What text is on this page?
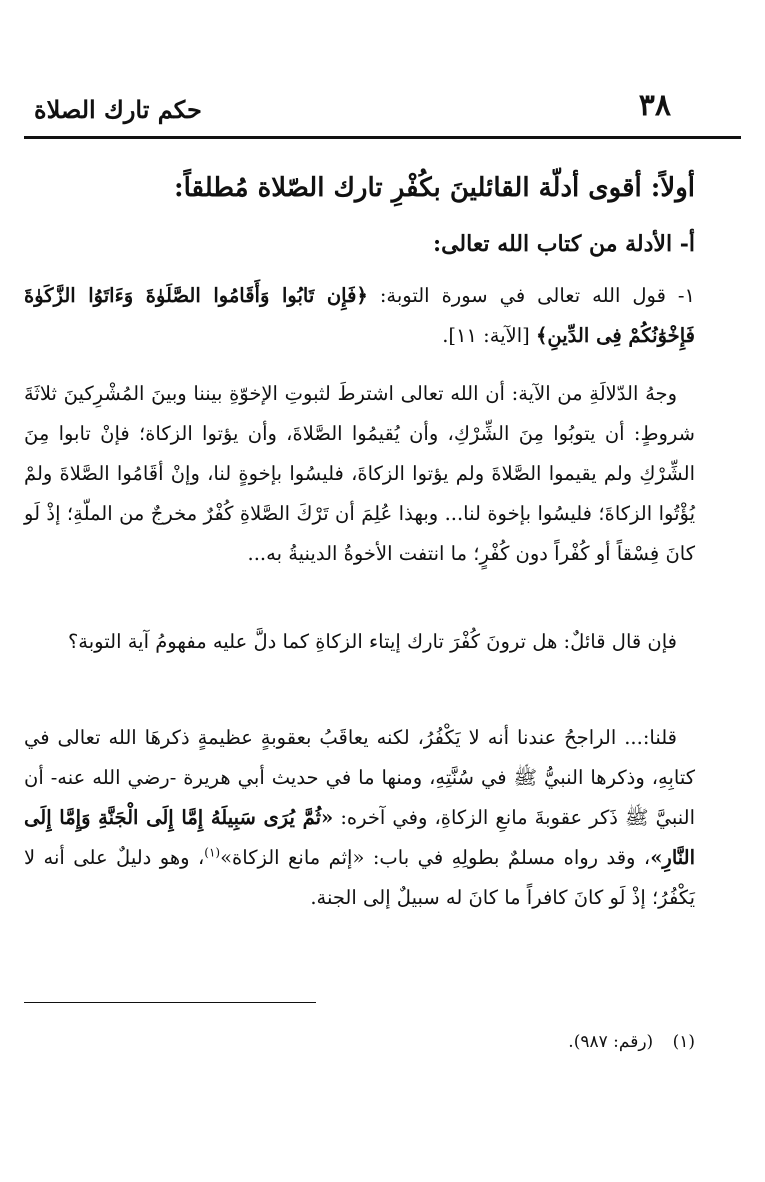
٣٨
حكم تارك الصلاة
أولاً: أقوى أدلّة القائلينَ بكُفْرِ تارك الصّلاة مُطلقاً:
أ- الأدلة من كتاب الله تعالى:
١- قول الله تعالى في سورة التوبة: ﴿فَإِن تَابُوا وَأَقَامُوا الصَّلَوٰةَ وَءَاتَوُا الزَّكَوٰةَ فَإِخْوَٰنُكُمْ فِى الدِّينِ﴾ [الآية: ١١].
وجهُ الدّلالَةِ من الآية: أن الله تعالى اشترطَ لثبوتِ الإخوّةِ بيننا وبينَ المُشْرِكينَ ثلاثَةَ شروطٍ: أن يتوبُوا مِنَ الشِّرْكِ، وأن يُقيمُوا الصَّلاةَ، وأن يؤتوا الزكاة؛ فإنْ تابوا مِنَ الشِّرْكِ ولم يقيموا الصَّلاةَ ولم يؤتوا الزكاةَ، فليسُوا بإخوةٍ لنا، وإنْ أقَامُوا الصَّلاةَ ولمْ يُؤْتُوا الزكاةَ؛ فليسُوا بإخوة لنا... وبهذا عُلِمَ أن تَرْكَ الصَّلاةِ كُفْرٌ مخرجٌ من الملّةِ؛ إذْ لَو كانَ فِسْقاً أو كُفْراً دون كُفْرٍ؛ ما انتفت الأخوةُ الدينيةُ به...
فإن قال قائلٌ: هل ترونَ كُفْرَ تارك إيتاء الزكاةِ كما دلَّ عليه مفهومُ آية التوبة؟
قلنا:... الراجحُ عندنا أنه لا يَكْفُرُ، لكنه يعاقَبُ بعقوبةٍ عظيمةٍ ذكرهَا الله تعالى في كتابِهِ، وذكرها النبيُّ ﷺ في سُنَّتِهِ، ومنها ما في حديث أبي هريرة -رضي الله عنه- أن النبيَّ ﷺ ذَكر عقوبةَ مانعِ الزكاةِ، وفي آخره: «ثُمَّ يُرَى سَبِيلَهُ إِمَّا إِلَى الْجَنَّةِ وَإِمَّا إِلَى النَّارِ»، وقد رواه مسلمٌ بطولِهِ في باب: «إثم مانع الزكاة»$^{(١)}$، وهو دليلٌ على أنه لا يَكْفُرُ؛ إذْ لَو كانَ كافراً ما كانَ له سبيلٌ إلى الجنة.
(١) (رقم: ٩٨٧).
